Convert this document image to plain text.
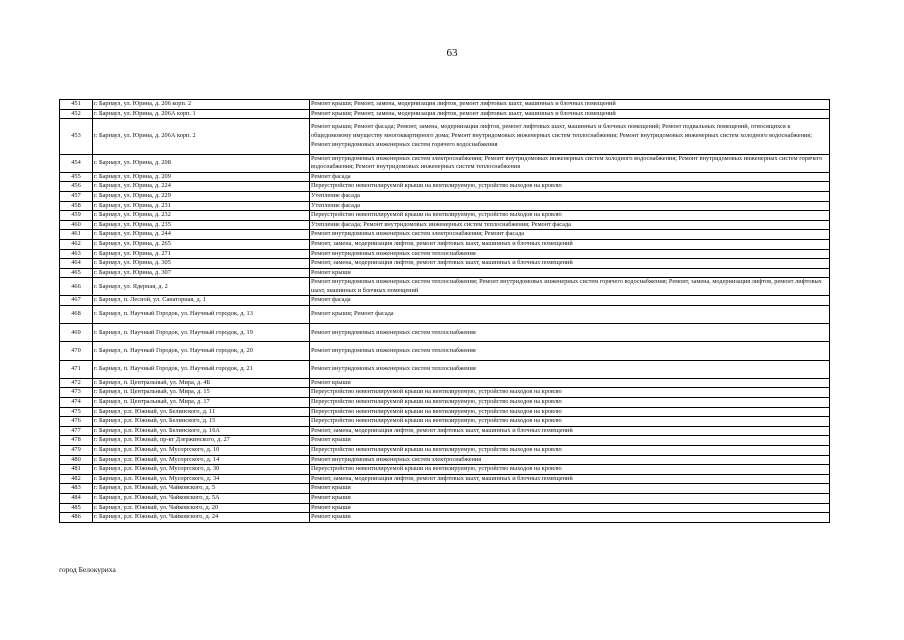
63
451	г. Барнаул, ул. Юрина, д. 206 корп. 2	Ремонт крыши; Ремонт, замена, модернизация лифтов, ремонт лифтовых шахт, машинных и блочных помещений
452	г. Барнаул, ул. Юрина, д. 206А корп. 1	Ремонт крыши; Ремонт, замена, модернизация лифтов, ремонт лифтовых шахт, машинных и блочных помещений
453	г. Барнаул, ул. Юрина, д. 206А корп. 2	Ремонт крыши; Ремонт фасада; Ремонт, замена, модернизация лифтов, ремонт лифтовых шахт, машинных и блочных помещений; Ремонт подвальных помещений, относящихся к общедомовому имуществу многоквартирного дома; Ремонт внутридомовых инженерных систем теплоснабжения; Ремонт внутридомовых инженерных систем холодного водоснабжения; Ремонт внутридомовых инженерных систем горячего водоснабжения
454	г. Барнаул, ул. Юрина, д. 208	Ремонт внутридомовых инженерных систем электроснабжения; Ремонт внутридомовых инженерных систем холодного водоснабжения; Ремонт внутридомовых инженерных систем горячего водоснабжения; Ремонт внутридомовых инженерных систем теплоснабжения
455	г. Барнаул, ул. Юрина, д. 209	Ремонт фасада
456	г. Барнаул, ул. Юрина, д. 224	Переустройство невентилируемой крыши на вентилируемую, устройство выходов на кровлю
457	г. Барнаул, ул. Юрина, д. 229	Утепление фасада
458	г. Барнаул, ул. Юрина, д. 231	Утепление фасада
459	г. Барнаул, ул. Юрина, д. 232	Переустройство невентилируемой крыши на вентилируемую, устройство выходов на кровлю
460	г. Барнаул, ул. Юрина, д. 235	Утепление фасада; Ремонт внутридомовых инженерных систем теплоснабжения; Ремонт фасада
461	г. Барнаул, ул. Юрина, д. 244	Ремонт внутридомовых инженерных систем электроснабжения; Ремонт фасада
462	г. Барнаул, ул. Юрина, д. 265	Ремонт, замена, модернизация лифтов, ремонт лифтовых шахт, машинных и блочных помещений
463	г. Барнаул, ул. Юрина, д. 271	Ремонт внутридомовых инженерных систем теплоснабжения
464	г. Барнаул, ул. Юрина, д. 305	Ремонт, замена, модернизация лифтов, ремонт лифтовых шахт, машинных и блочных помещений
465	г. Барнаул, ул. Юрина, д. 307	Ремонт крыши
466	г. Барнаул, ул. Ядерная, д. 2	Ремонт внутридомовых инженерных систем теплоснабжения; Ремонт внутридомовых инженерных систем горячего водоснабжения; Ремонт, замена, модернизация лифтов, ремонт лифтовых шахт, машинных и блочных помещений
467	г. Барнаул, п. Лесной, ул. Санаторная, д. 1	Ремонт фасада
468	г. Барнаул, п. Научный Городок, ул. Научный городок, д. 13	Ремонт крыши; Ремонт фасада
469	г. Барнаул, п. Научный Городок, ул. Научный городок, д. 19	Ремонт внутридомовых инженерных систем теплоснабжения
470	г. Барнаул, п. Научный Городок, ул. Научный городок, д. 20	Ремонт внутридомовых инженерных систем теплоснабжения
471	г. Барнаул, п. Научный Городок, ул. Научный городок, д. 21	Ремонт внутридомовых инженерных систем теплоснабжения
472	г. Барнаул, п. Центральный, ул. Мира, д. 4Б	Ремонт крыши
473	г. Барнаул, п. Центральный, ул. Мира, д. 15	Переустройство невентилируемой крыши на вентилируемую, устройство выходов на кровлю
474	г. Барнаул, п. Центральный, ул. Мира, д. 17	Переустройство невентилируемой крыши на вентилируемую, устройство выходов на кровлю
475	г. Барнаул, р.п. Южный, ул. Белинского, д. 11	Переустройство невентилируемой крыши на вентилируемую, устройство выходов на кровлю
476	г. Барнаул, р.п. Южный, ул. Белинского, д. 15	Переустройство невентилируемой крыши на вентилируемую, устройство выходов на кровлю
477	г. Барнаул, р.п. Южный, ул. Белинского, д. 16А	Ремонт, замена, модернизация лифтов, ремонт лифтовых шахт, машинных и блочных помещений
478	г. Барнаул, р.п. Южный, пр-кт Дзержинского, д. 27	Ремонт крыши
479	г. Барнаул, р.п. Южный, ул. Мусоргского, д. 10	Переустройство невентилируемой крыши на вентилируемую, устройство выходов на кровлю
480	г. Барнаул, р.п. Южный, ул. Мусоргского, д. 14	Ремонт внутридомовых инженерных систем электроснабжения
481	г. Барнаул, р.п. Южный, ул. Мусоргского, д. 30	Переустройство невентилируемой крыши на вентилируемую, устройство выходов на кровлю
482	г. Барнаул, р.п. Южный, ул. Мусоргского, д. 34	Ремонт, замена, модернизация лифтов, ремонт лифтовых шахт, машинных и блочных помещений
483	г. Барнаул, р.п. Южный, ул. Чайковского, д. 5	Ремонт крыши
484	г. Барнаул, р.п. Южный, ул. Чайковского, д. 5А	Ремонт крыши
485	г. Барнаул, р.п. Южный, ул. Чайковского, д. 20	Ремонт крыши
486	г. Барнаул, р.п. Южный, ул. Чайковского, д. 24	Ремонт крыши
город Белокуриха
